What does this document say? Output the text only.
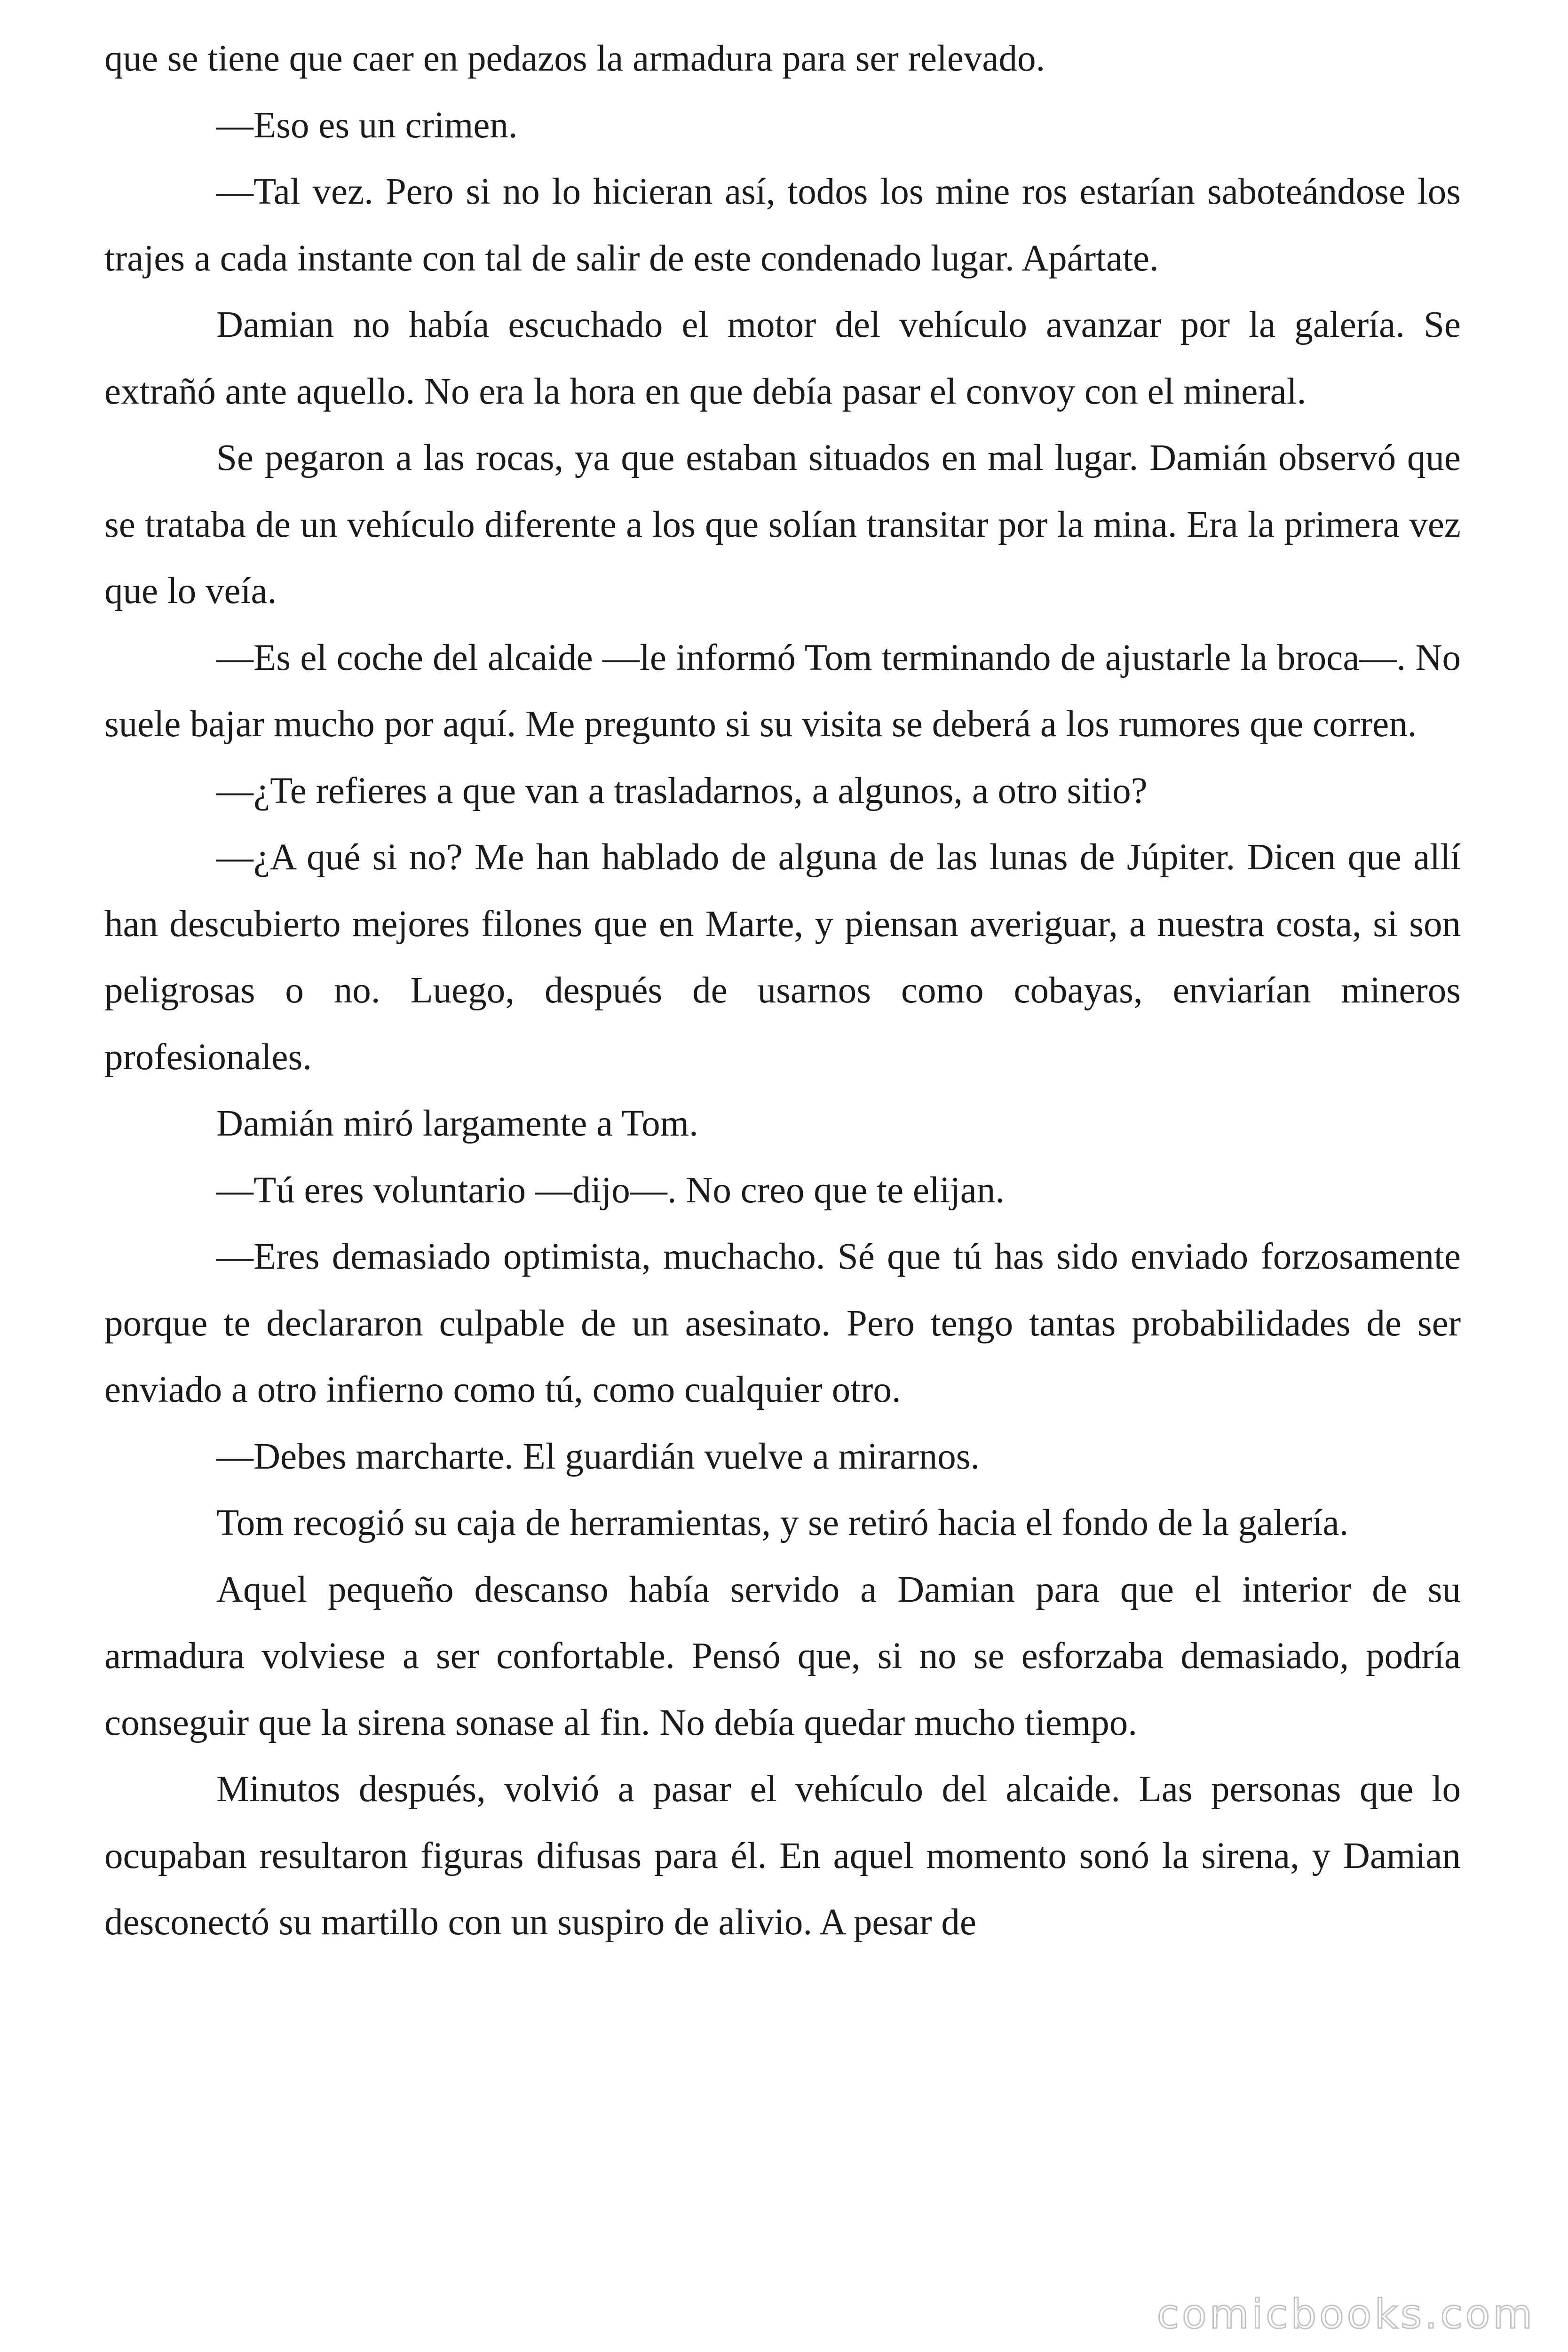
que se tiene que caer en pedazos la armadura para ser relevado.

—Eso es un crimen.

—Tal vez. Pero si no lo hicieran así, todos los mine ros estarían saboteándose los trajes a cada instante con tal de salir de este condenado lugar. Apártate.

Damian no había escuchado el motor del vehículo avanzar por la galería. Se extrañó ante aquello. No era la hora en que debía pasar el convoy con el mineral.

Se pegaron a las rocas, ya que estaban situados en mal lugar. Damián observó que se trataba de un vehículo diferente a los que solían transitar por la mina. Era la primera vez que lo veía.

—Es el coche del alcaide —le informó Tom terminando de ajustarle la broca—. No suele bajar mucho por aquí. Me pregunto si su visita se deberá a los rumores que corren.

—¿Te refieres a que van a trasladarnos, a algunos, a otro sitio?

—¿A qué si no? Me han hablado de alguna de las lunas de Júpiter. Dicen que allí han descubierto mejores filones que en Marte, y piensan averiguar, a nuestra costa, si son peligrosas o no. Luego, después de usarnos como cobayas, enviarían mineros profesionales.

Damián miró largamente a Tom.

—Tú eres voluntario —dijo—. No creo que te elijan.

—Eres demasiado optimista, muchacho. Sé que tú has sido enviado forzosamente porque te declararon culpable de un asesinato. Pero tengo tantas probabilidades de ser enviado a otro infierno como tú, como cualquier otro.

—Debes marcharte. El guardián vuelve a mirarnos.

Tom recogió su caja de herramientas, y se retiró hacia el fondo de la galería.

Aquel pequeño descanso había servido a Damian para que el interior de su armadura volviese a ser confortable. Pensó que, si no se esforzaba demasiado, podría conseguir que la sirena sonase al fin. No debía quedar mucho tiempo.

Minutos después, volvió a pasar el vehículo del alcaide. Las personas que lo ocupaban resultaron figuras difusas para él. En aquel momento sonó la sirena, y Damian desconectó su martillo con un suspiro de alivio. A pesar de

comicbooks.com
